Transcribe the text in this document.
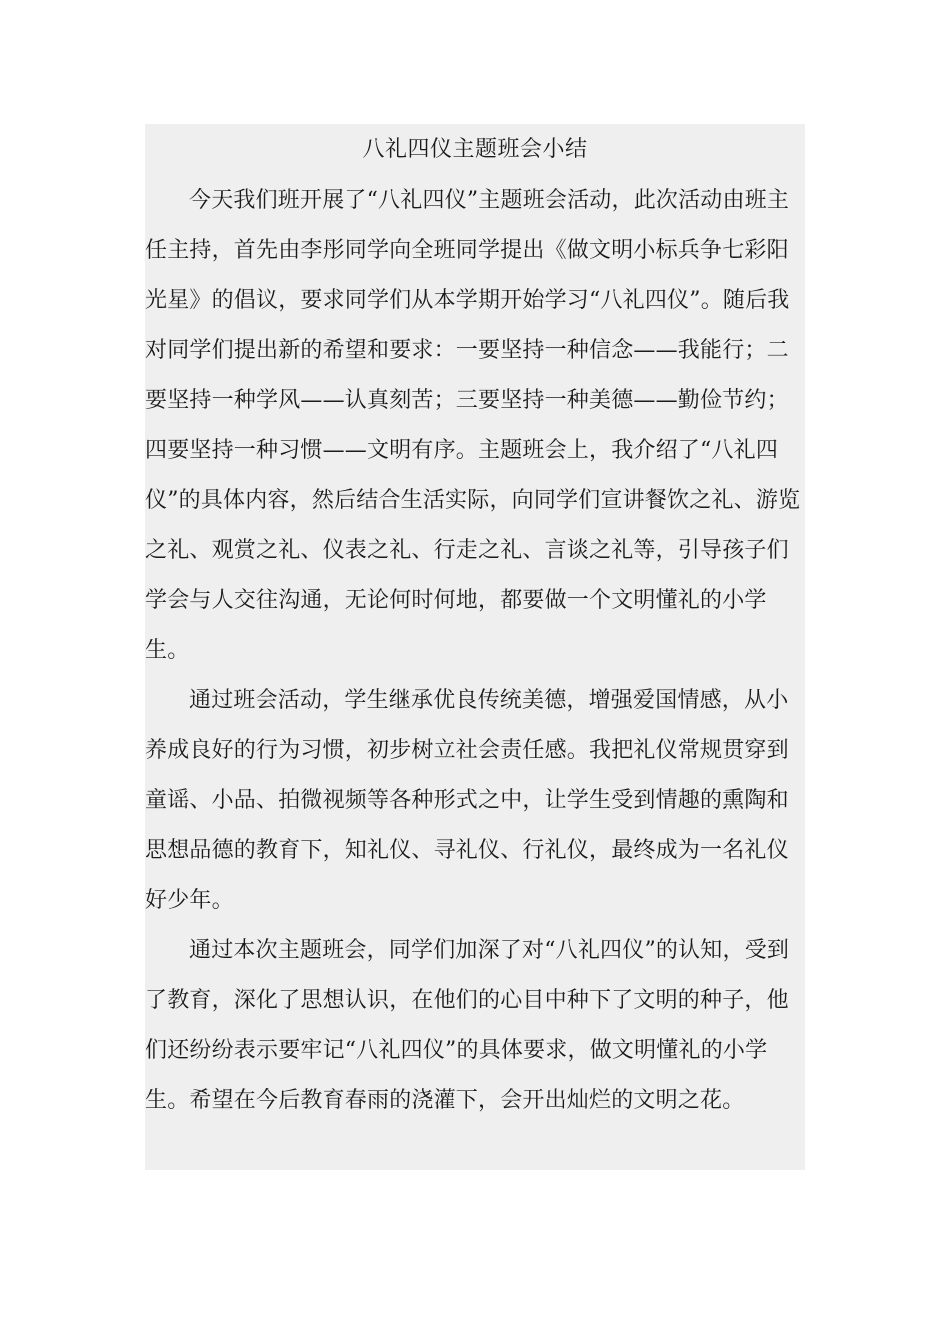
八礼四仪主题班会小结

今天我们班开展了“八礼四仪”主题班会活动，此次活动由班主任主持，首先由李彤同学向全班同学提出《做文明小标兵争七彩阳光星》的倡议，要求同学们从本学期开始学习“八礼四仪”。随后我对同学们提出新的希望和要求：一要坚持一种信念——我能行；二要坚持一种学风——认真刻苦；三要坚持一种美德——勤俭节约；四要坚持一种习惯——文明有序。主题班会上，我介绍了“八礼四仪”的具体内容，然后结合生活实际，向同学们宣讲餐饮之礼、游览之礼、观赏之礼、仪表之礼、行走之礼、言谈之礼等，引导孩子们学会与人交往沟通，无论何时何地，都要做一个文明懂礼的小学生。

通过班会活动，学生继承优良传统美德，增强爱国情感，从小养成良好的行为习惯，初步树立社会责任感。我把礼仪常规贯穿到童谣、小品、拍微视频等各种形式之中，让学生受到情趣的熏陶和思想品德的教育下，知礼仪、寻礼仪、行礼仪，最终成为一名礼仪好少年。

通过本次主题班会，同学们加深了对“八礼四仪”的认知，受到了教育，深化了思想认识，在他们的心目中种下了文明的种子，他们还纷纷表示要牢记“八礼四仪”的具体要求，做文明懂礼的小学生。希望在今后教育春雨的浇灌下，会开出灿烂的文明之花。
